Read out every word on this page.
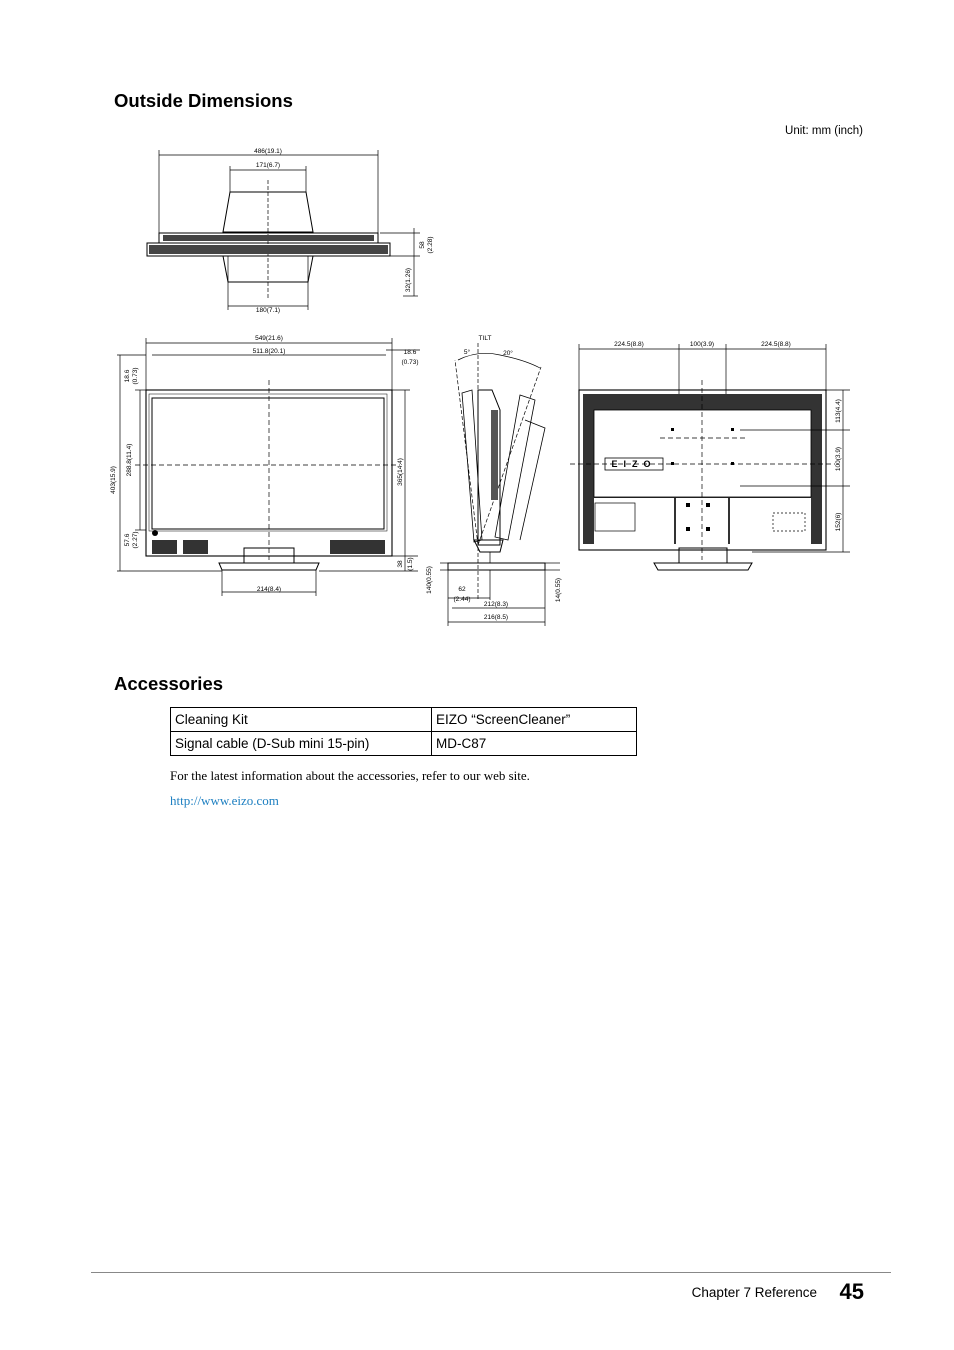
Outside Dimensions
Unit: mm (inch)
486(19.1)
171(6.7)
180(7.1)
58 (2.28)
32(1.26)
549(21.6)
511.8(20.1)	18.6
(0.73)
214(8.4)
403(15.9)
288.8(11.4)
18.6 (0.73)
57.6 (2.27)
365(14.4)
38 (1.5)
TILT
5°	20°
140(0.55)	14(0.55)
62
(2.44)
212(8.3)
216(8.5)
224.5(8.8)	100(3.9)	224.5(8.8)
EIZO
113(4.4)
100(3.9)
152(6)
Accessories
Cleaning Kit	EIZO “ScreenCleaner”
Signal cable (D-Sub mini 15-pin)	MD-C87
For the latest information about the accessories, refer to our web site.
http://www.eizo.com
Chapter 7 Reference 45
